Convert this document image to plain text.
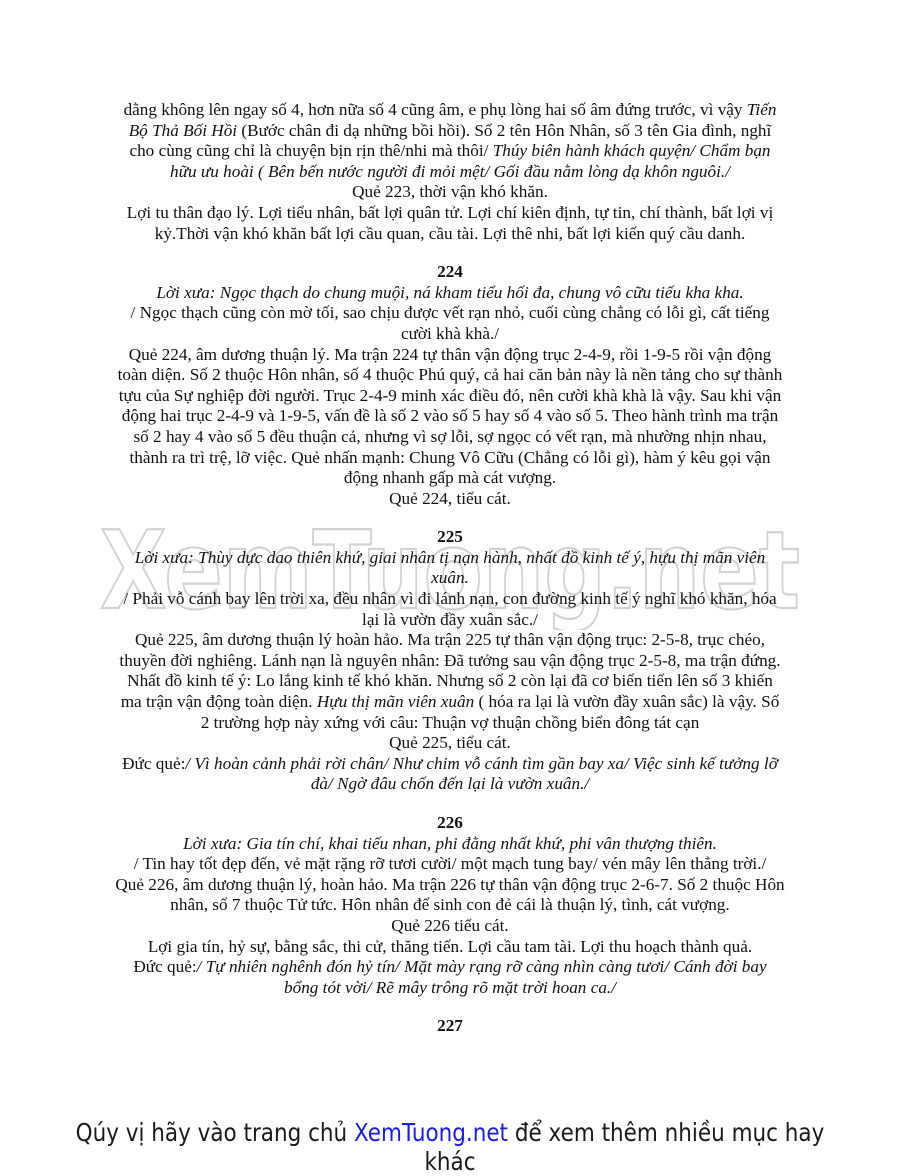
XemTuong.net
dằng không lên ngay số 4, hơn nữa số 4 cũng âm, e phụ lòng hai số âm đứng trước, vì vậy Tiến
Bộ Thả Bối Hồi (Bước chân đi dạ những bồi hồi). Số 2 tên Hôn Nhân, số 3 tên Gia đình, nghĩ
cho cùng cũng chỉ là chuyện bịn rịn thê/nhi mà thôi/ Thúy biên hành khách quyện/ Chẩm bạn
hữu ưu hoài ( Bên bến nước người đi mỏi mệt/ Gối đầu nằm lòng dạ khôn nguôi./
Quẻ 223, thời vận khó khăn.
Lợi tu thân đạo lý. Lợi tiểu nhân, bất lợi quân tử. Lợi chí kiên định, tự tin, chí thành, bất lợi vị
kỷ.Thời vận khó khăn bất lợi cầu quan, cầu tài. Lợi thê nhi, bất lợi kiến quý cầu danh.
224
Lời xưa: Ngọc thạch do chung muội, ná kham tiểu hối đa, chung vô cữu tiếu kha kha.
/ Ngọc thạch cũng còn mờ tối, sao chịu được vết rạn nhỏ, cuối cùng chẳng có lỗi gì, cất tiếng
cười khà khà./
Quẻ 224, âm dương thuận lý. Ma trận 224 tự thân vận động trục 2-4-9, rồi 1-9-5 rồi vận động
toàn diện. Số 2 thuộc Hôn nhân, số 4 thuộc Phú quý, cả hai căn bản này là nền tảng cho sự thành
tựu của Sự nghiệp đời người. Trục 2-4-9 minh xác điều đó, nên cười khà khà là vậy. Sau khi vận
động hai trục 2-4-9 và 1-9-5, vấn đề là số 2 vào số 5 hay số 4 vào số 5. Theo hành trình ma trận
số 2 hay 4 vào số 5 đều thuận cả, nhưng vì sợ lỗi, sợ ngọc có vết rạn, mà nhường nhịn nhau,
thành ra trì trệ, lỡ việc. Quẻ nhấn mạnh: Chung Vô Cữu (Chẳng có lỗi gì), hàm ý kêu gọi vận
động nhanh gấp mà cát vượng.
Quẻ 224, tiểu cát.
225
Lời xưa: Thùy dực dao thiên khứ, giai nhân tị nạn hành, nhất đồ kinh tế ý, hựu thị mãn viên
xuân.
/ Phải vỗ cánh bay lên trời xa, đều nhân vì đi lánh nạn, con đường kinh tế ý nghĩ khó khăn, hóa
lại là vườn đầy xuân sắc./
Quẻ 225, âm dương thuận lý hoàn hảo. Ma trận 225 tự thân vận động trục: 2-5-8, trục chéo,
thuyền đời nghiêng. Lánh nạn là nguyên nhân: Đã tưởng sau vận động trục 2-5-8, ma trận đứng.
Nhất đồ kinh tế ý: Lo lắng kinh tế khó khăn. Nhưng số 2 còn lại đã cơ biến tiến lên số 3 khiến
ma trận vận động toàn diện. Hựu thị mãn viên xuân ( hóa ra lại là vườn đầy xuân sắc) là vậy. Số
2 trường hợp này xứng với câu: Thuận vợ thuận chồng biển đông tát cạn
Quẻ 225, tiểu cát.
Đức quẻ:/ Vì hoàn cảnh phải rời chân/ Như chim vỗ cánh tìm gần bay xa/ Việc sinh kế tưởng lỡ
đà/ Ngờ đâu chốn đến lại là vườn xuân./
226
Lời xưa: Gia tín chí, khai tiếu nhan, phi đằng nhất khứ, phi vân thượng thiên.
/ Tin hay tốt đẹp đến, vẻ mặt rặng rỡ tươi cười/ một mạch tung bay/ vén mây lên thẳng trời./
Quẻ 226, âm dương thuận lý, hoàn hảo. Ma trận 226 tự thân vận động trục 2-6-7. Số 2 thuộc Hôn
nhân, số 7 thuộc Tử tức. Hôn nhân để sinh con đẻ cái là thuận lý, tình, cát vượng.
Quẻ 226 tiểu cát.
Lợi gia tín, hỷ sự, bằng sắc, thi cử, thăng tiến. Lợi cầu tam tài. Lợi thu hoạch thành quả.
Đức quẻ:/ Tự nhiên nghênh đón hỷ tín/ Mặt mày rạng rỡ càng nhìn càng tươi/ Cánh đời bay
bổng tót vời/ Rẽ mây trông rõ mặt trời hoan ca./
227
Qúy vị hãy vào trang chủ XemTuong.net để xem thêm nhiều mục hay khác
